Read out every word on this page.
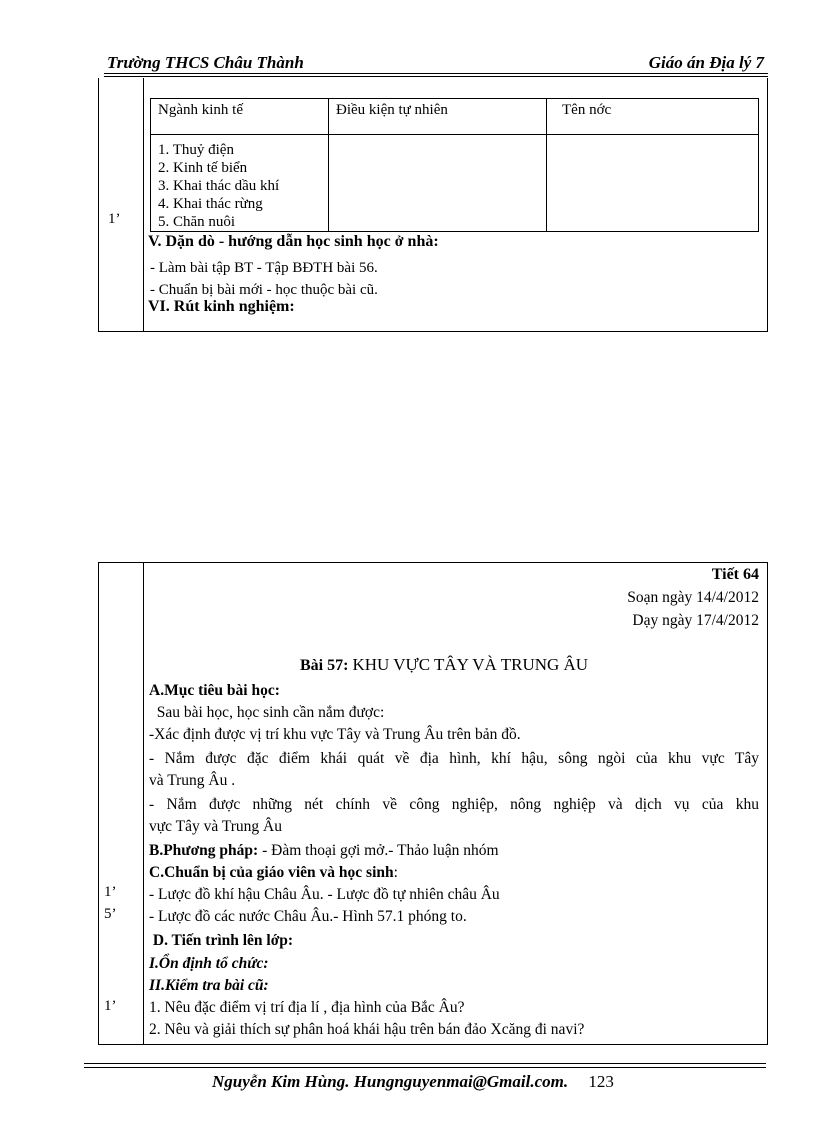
Trường THCS Châu Thành	Giáo án Địa lý 7
Ngành kinh tế	Điều kiện tự nhiên	Tên nớc

1. Thuỷ điện
2. Kinh tế biển
3. Khai thác dầu khí
4. Khai thác rừng
5. Chăn nuôi		

1’
V. Dặn dò - hướng dẫn học sinh học ở nhà:
- Làm bài tập BT - Tập BĐTH bài 56.
- Chuẩn bị bài mới - học thuộc bài cũ.
VI. Rút kinh nghiệm:
Tiết 64
Soạn ngày 14/4/2012
Dạy ngày 17/4/2012
Bài 57: KHU VỰC TÂY VÀ TRUNG ÂU
A.Mục tiêu bài học:
Sau bài học, học sinh cần nắm được:
-Xác định được vị trí khu vực Tây và Trung Âu trên bản đồ.
- Nắm được đặc điểm khái quát về địa hình, khí hậu, sông ngòi của khu vực Tây
và Trung Âu .
- Nắm được những nét chính về công nghiệp, nông nghiệp và dịch vụ của khu
vực Tây và Trung Âu
B.Phương pháp: - Đàm thoại gợi mở.- Thảo luận nhóm
C.Chuẩn bị của giáo viên và học sinh:
- Lược đồ khí hậu Châu Âu. - Lược đồ tự nhiên châu Âu
- Lược đồ các nước Châu Âu.- Hình 57.1 phóng to.
D. Tiến trình lên lớp:
I.Ổn định tổ chức:
II.Kiểm tra bài cũ:
1. Nêu đặc điểm vị trí địa lí , địa hình của Bắc Âu?
2. Nêu và giải thích sự phân hoá khái hậu trên bán đảo Xcăng đi navi?
1’
5’
1’
Nguyễn Kim Hùng. Hungnguyenmai@Gmail.com. 123
